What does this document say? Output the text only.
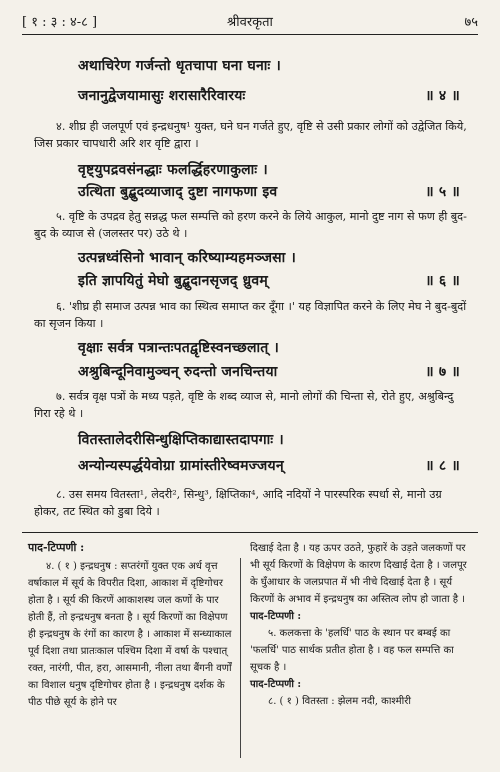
[ १ : ३ : ४-८ ]	श्रीवरकृता	७५
अथाचिरेण गर्जन्तो धृतचापा घना घनाः ।
जनानुद्वेजयामासुः शरासारैरिवारयः	॥ ४ ॥
४. शीघ्र ही जलपूर्ण एवं इन्द्रधनुष¹ युक्त, घने घन गर्जते हुए, वृष्टि से उसी प्रकार लोगों को उद्वेजित किये, जिस प्रकार चापधारी अरि शर वृष्टि द्वारा ।
वृष्ट्युपद्रवसंनद्धाः फलर्द्धिहरणाकुलाः ।
उत्थिता बुद्बुदव्याजाद् दुष्टा नागफणा इव	॥ ५ ॥
५. वृष्टि के उपद्रव हेतु सन्नद्ध फल सम्पत्ति को हरण करने के लिये आकुल, मानो दुष्ट नाग से फण ही बुद-बुद के व्याज से (जलस्तर पर) उठे थे ।
उत्पन्नध्वंसिनो भावान् करिष्याम्यहमञ्जसा ।
इति ज्ञापयितुं मेघो बुद्बुदानसृजद् ध्रुवम्	॥ ६ ॥
६. 'शीघ्र ही समाज उत्पन्न भाव का स्थित्व समाप्त कर दूँगा ।' यह विज्ञापित करने के लिए मेघ ने बुद-बुदों का सृजन किया ।
वृक्षाः सर्वत्र पत्रान्तःपतद्वृष्टिस्वनच्छलात् ।
अश्रुबिन्दूनिवामुञ्चन् रुदन्तो जनचिन्तया	॥ ७ ॥
७. सर्वत्र वृक्ष पत्रों के मध्य पड़ते, वृष्टि के शब्द व्याज से, मानो लोगों की चिन्ता से, रोते हुए, अश्रुबिन्दु गिरा रहे थे ।
वितस्तालेदरीसिन्धुक्षिप्तिकाद्यास्तदापगाः ।
अन्योन्यस्पर्द्धयेवोग्रा ग्रामांस्तीरेष्वमज्जयन्	॥ ८ ॥
८. उस समय वितस्ता¹, लेदरी², सिन्धु³, क्षिप्तिका⁴, आदि नदियों ने पारस्परिक स्पर्धा से, मानो उग्र होकर, तट स्थित को डुबा दिये ।
पाद-टिप्पणी :

४. ( १ ) इन्द्रधनुष : सप्तरंगों युक्त एक अर्ध वृत्त वर्षाकाल में सूर्य के विपरीत दिशा, आकाश में दृष्टिगोचर होता है । सूर्य की किरणें आकाशस्थ जल कणों के पार होती हैं, तो इन्द्रधनुष बनता है । सूर्य किरणों का विक्षेपण ही इन्द्रधनुष के रंगों का कारण है । आकाश में सन्ध्याकाल पूर्व दिशा तथा प्रातःकाल पश्चिम दिशा में वर्षा के पश्चात् रक्त, नारंगी, पीत, हरा, आसमानी, नीला तथा बैंगनी वर्णों का विशाल धनुष दृष्टिगोचर होता है । इन्द्रधनुष दर्शक के पीठ पीछे सूर्य के होने पर

दिखाई देता है । यह ऊपर उठते, फुहारें के उड़ते जलकणों पर भी सूर्य किरणों के विक्षेपण के कारण दिखाई देता है । जलपूर के घुँआधार के जलप्रपात में भी नीचे दिखाई देता है । सूर्य किरणों के अभाव में इन्द्रधनुष का अस्तित्व लोप हो जाता है ।

पाद-टिप्पणी :

५. कलकत्ता के 'हलर्धि' पाठ के स्थान पर बम्बई का 'फलर्धि' पाठ सार्थक प्रतीत होता है । वह फल सम्पत्ति का सूचक है ।

पाद-टिप्पणी :

८. ( १ ) वितस्ता : झेलम नदी, काश्मीरी
